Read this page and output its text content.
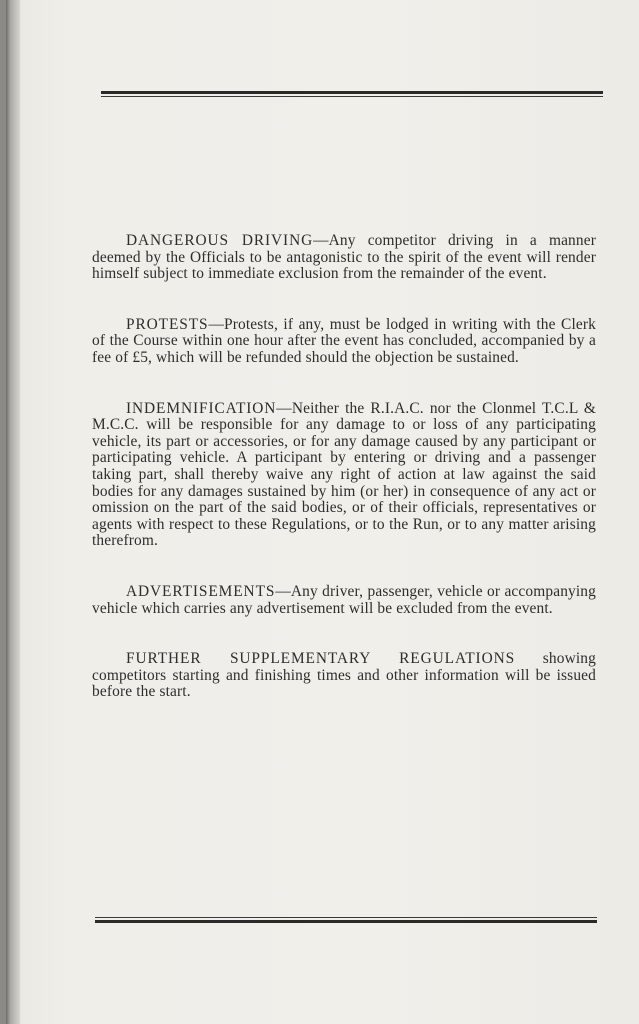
DANGEROUS DRIVING—Any competitor driving in a manner deemed by the Officials to be antagonistic to the spirit of the event will render himself subject to immediate exclusion from the remainder of the event.

PROTESTS—Protests, if any, must be lodged in writing with the Clerk of the Course within one hour after the event has concluded, accompanied by a fee of £5, which will be refunded should the objection be sustained.

INDEMNIFICATION—Neither the R.I.A.C. nor the Clonmel T.C.L & M.C.C. will be responsible for any damage to or loss of any participating vehicle, its part or accessories, or for any damage caused by any participant or participating vehicle. A participant by entering or driving and a passenger taking part, shall thereby waive any right of action at law against the said bodies for any damages sustained by him (or her) in consequence of any act or omission on the part of the said bodies, or of their officials, representatives or agents with respect to these Regulations, or to the Run, or to any matter arising therefrom.

ADVERTISEMENTS—Any driver, passenger, vehicle or accompanying vehicle which carries any advertisement will be excluded from the event.

FURTHER SUPPLEMENTARY REGULATIONS showing competitors starting and finishing times and other information will be issued before the start.
